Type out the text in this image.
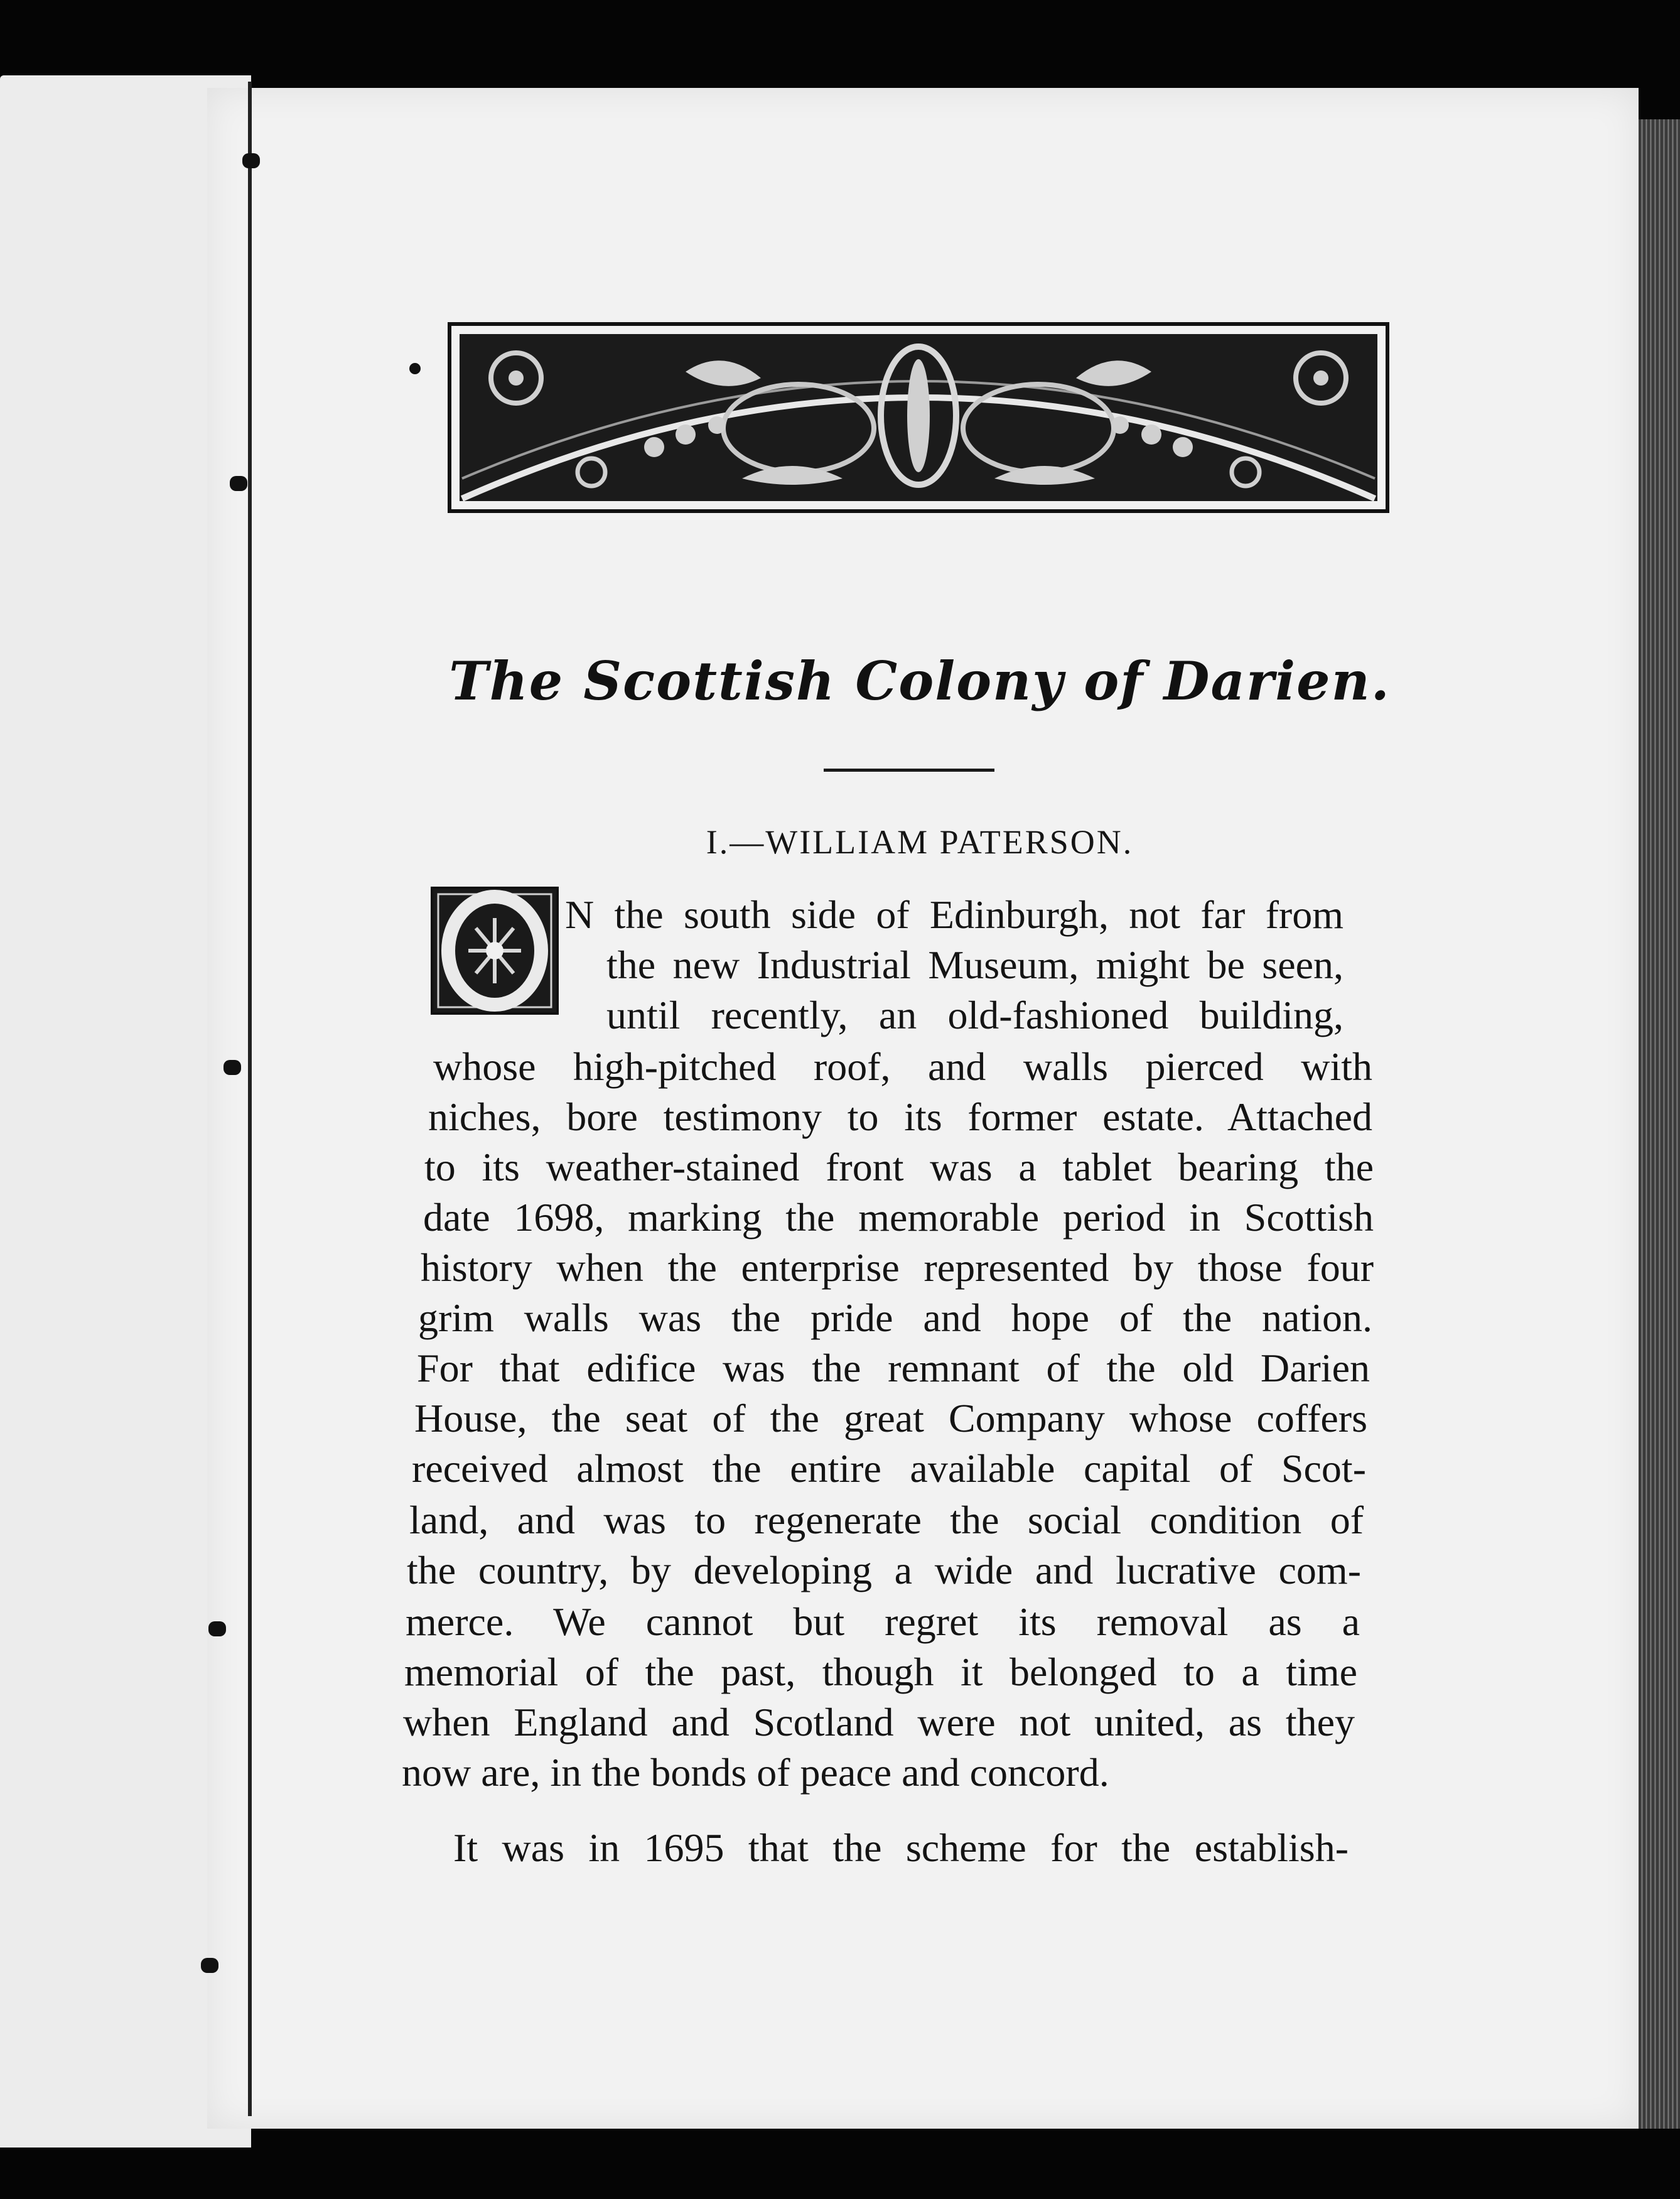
The Scottish Colony of Darien.
I.—WILLIAM PATERSON.
N the south side of Edinburgh, not far from
the new Industrial Museum, might be seen,
until recently, an old-fashioned building,
whose high-pitched roof, and walls pierced with
niches, bore testimony to its former estate. Attached
to its weather-stained front was a tablet bearing the
date 1698, marking the memorable period in Scottish
history when the enterprise represented by those four
grim walls was the pride and hope of the nation.
For that edifice was the remnant of the old Darien
House, the seat of the great Company whose coffers
received almost the entire available capital of Scot-
land, and was to regenerate the social condition of
the country, by developing a wide and lucrative com-
merce. We cannot but regret its removal as a
memorial of the past, though it belonged to a time
when England and Scotland were not united, as they
now are, in the bonds of peace and concord.
It was in 1695 that the scheme for the establish-
